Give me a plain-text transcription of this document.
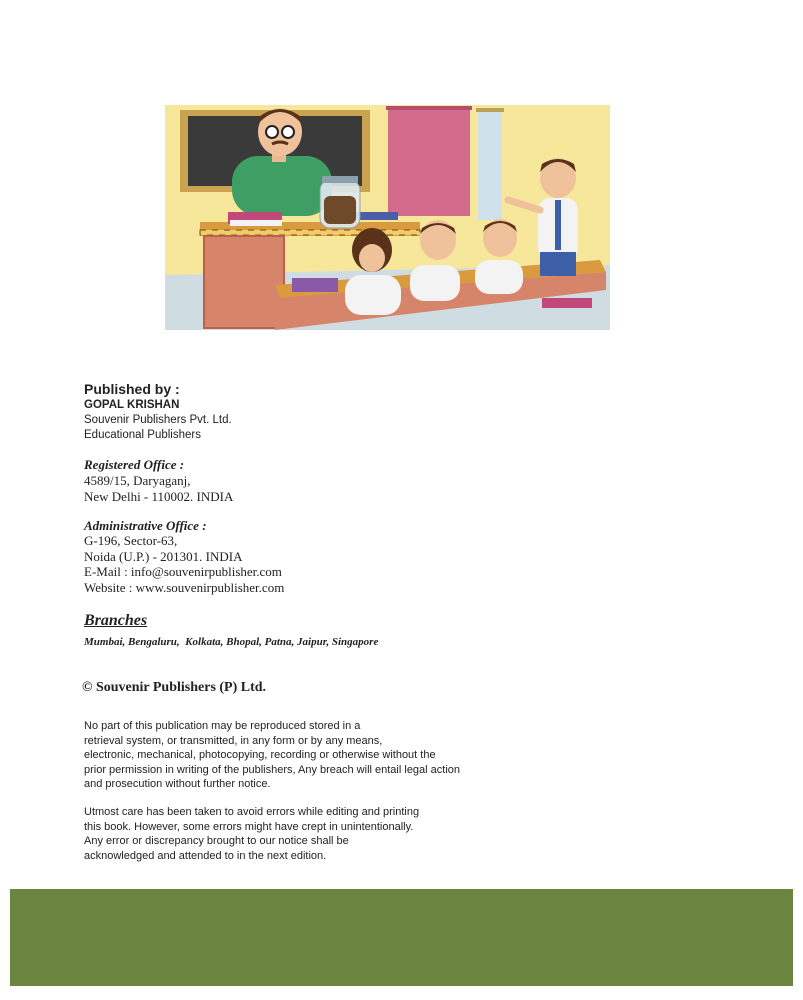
Published by :
GOPAL KRISHAN
Souvenir Publishers Pvt. Ltd.
Educational Publishers
Registered Office :
4589/15, Daryaganj,
New Delhi - 110002. INDIA
Administrative Office :
G-196, Sector-63,
Noida (U.P.) - 201301. INDIA
E-Mail : info@souvenirpublisher.com
Website : www.souvenirpublisher.com
Branches
Mumbai, Bengaluru,  Kolkata, Bhopal, Patna, Jaipur, Singapore
© Souvenir Publishers (P) Ltd.
No part of this publication may be reproduced stored in a
retrieval system, or transmitted, in any form or by any means,
electronic, mechanical, photocopying, recording or otherwise without the
prior permission in writing of the publishers, Any breach will entail legal action
and prosecution without further notice.
Utmost care has been taken to avoid errors while editing and printing
this book. However, some errors might have crept in unintentionally.
Any error or discrepancy brought to our notice shall be
acknowledged and attended to in the next edition.
